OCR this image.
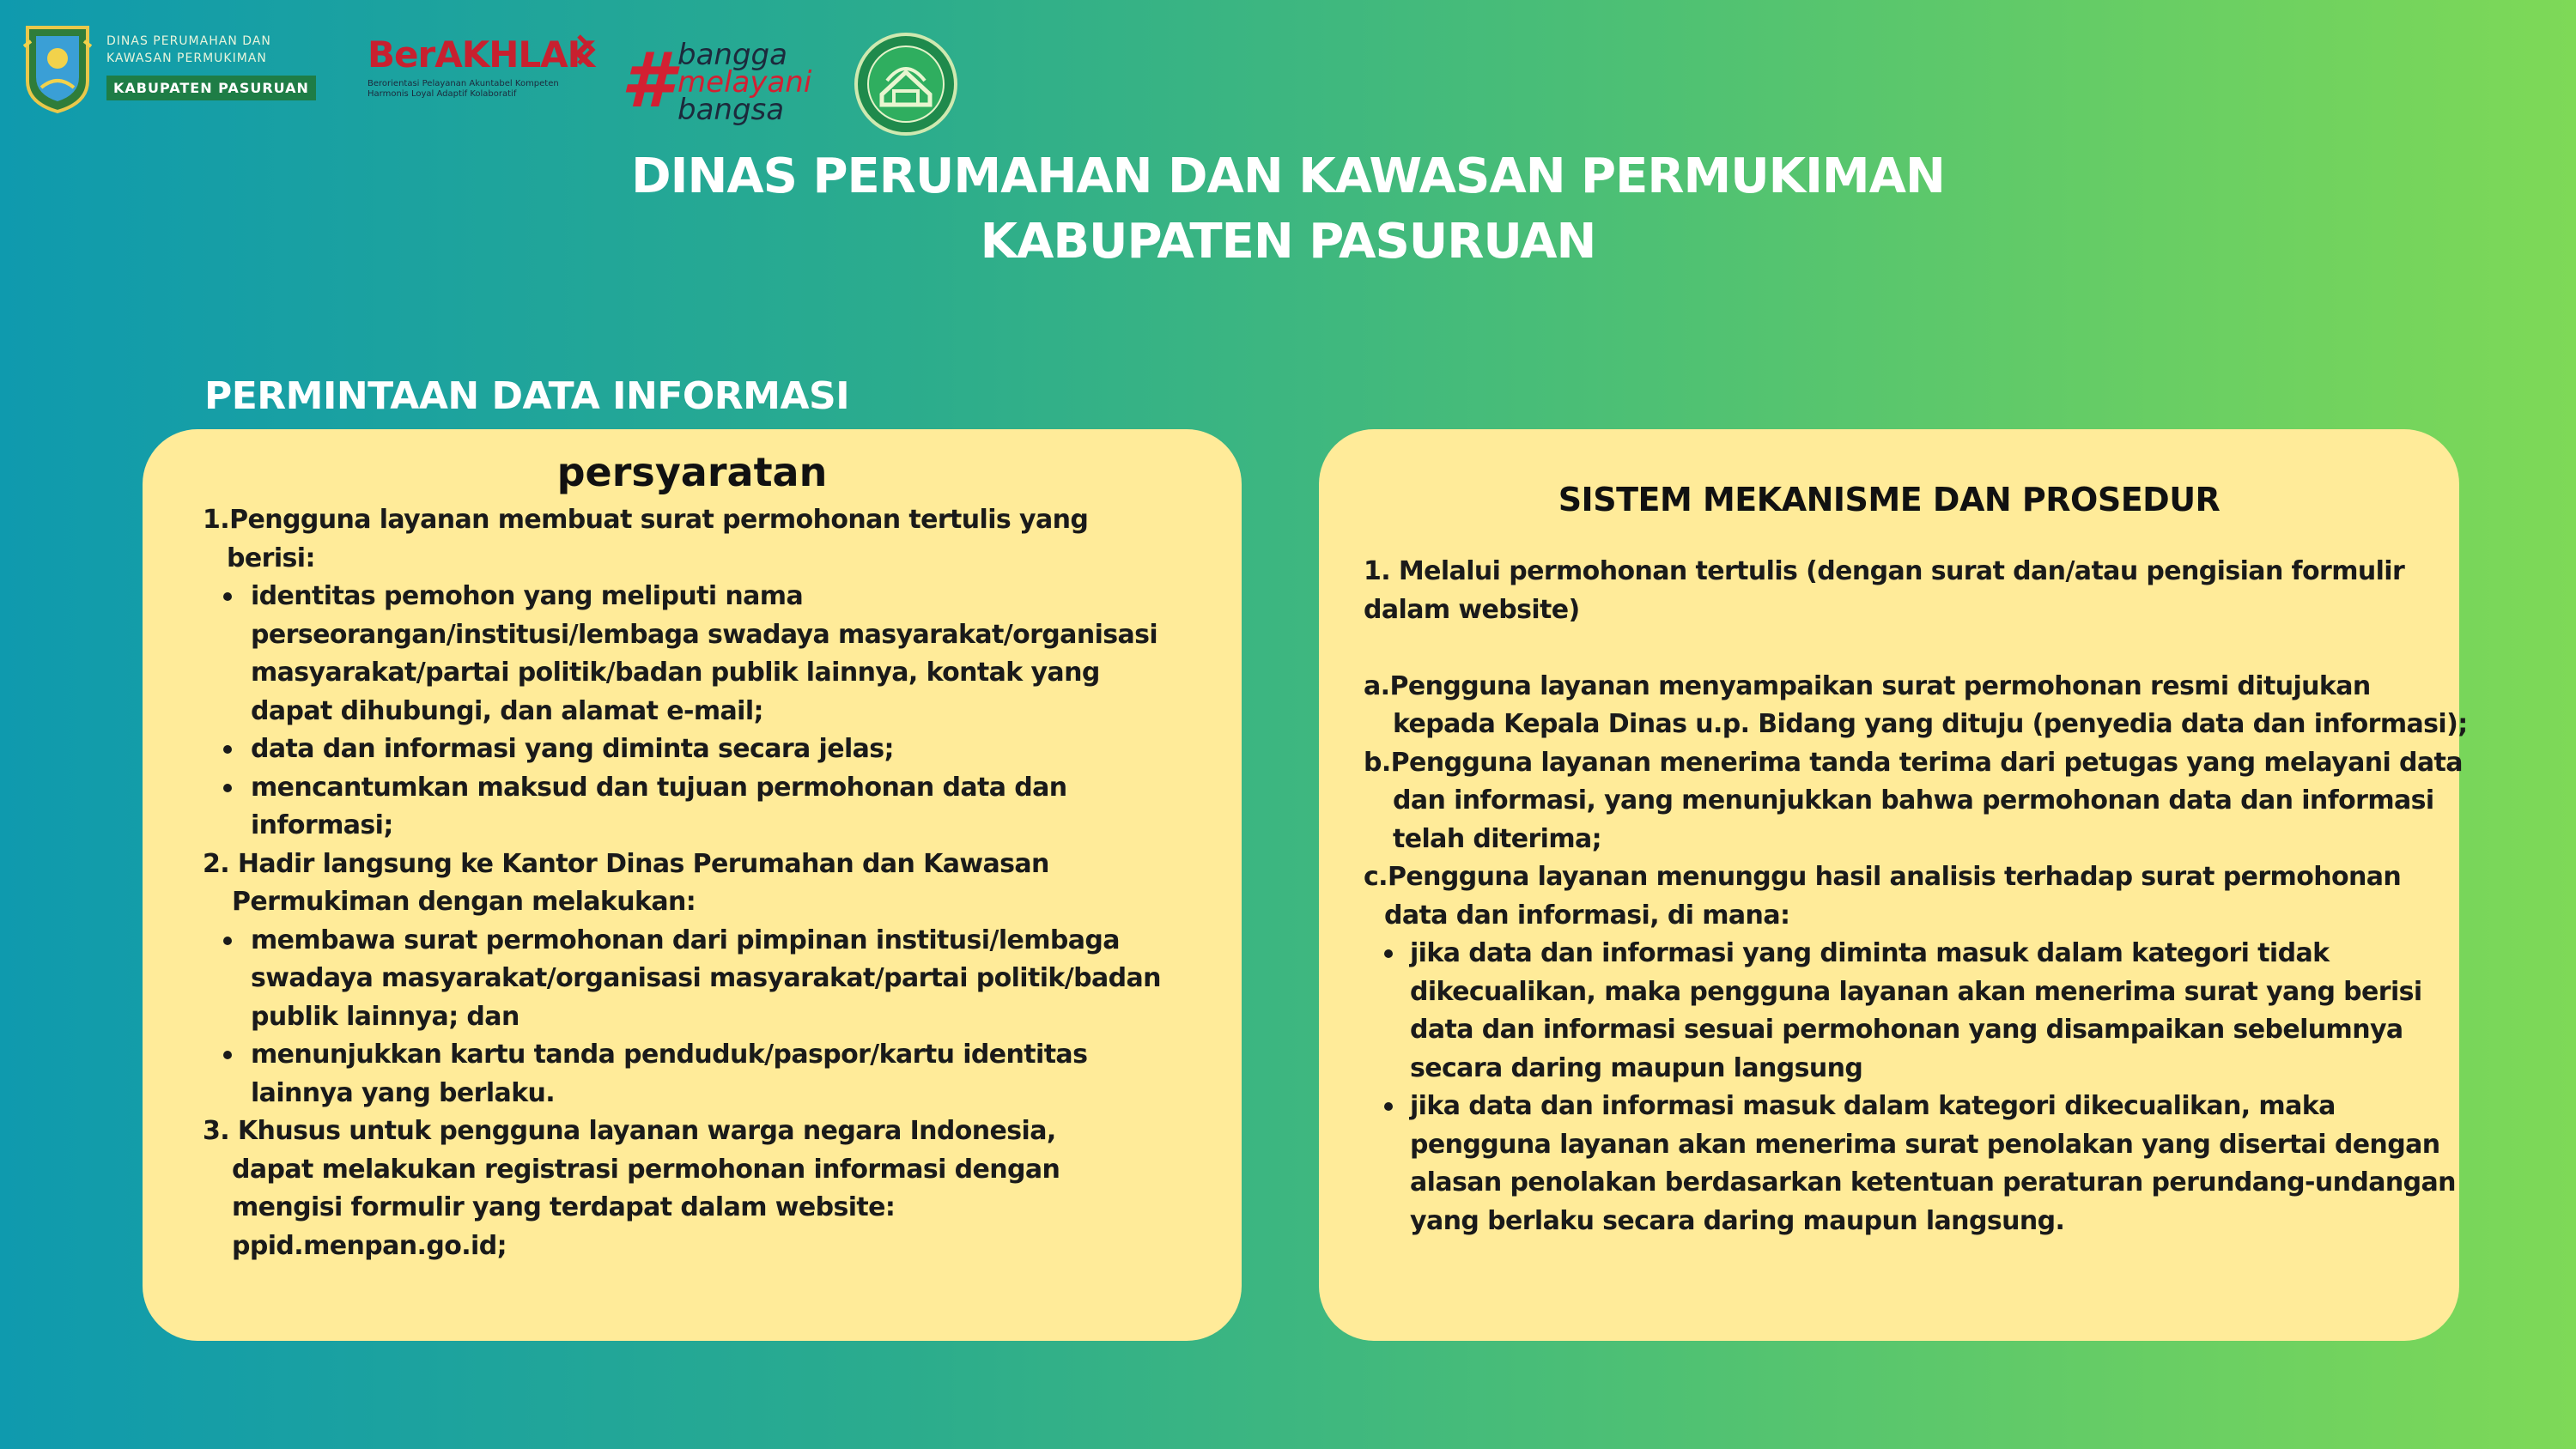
DINAS PERUMAHAN DAN
KAWASAN PERMUKIMAN
KABUPATEN PASURUAN
BerAKHLAK
Berorientasi Pelayanan Akuntabel Kompeten
Harmonis Loyal Adaptif Kolaboratif	# bangga
melayani
bangsa
DINAS PERUMAHAN DAN KAWASAN PERMUKIMAN
KABUPATEN PASURUAN
PERMINTAAN DATA INFORMASI
persyaratan
1.Pengguna layanan membuat surat permohonan tertulis yang
berisi:
identitas pemohon yang meliputi nama
perseorangan/institusi/lembaga swadaya masyarakat/organisasi
masyarakat/partai politik/badan publik lainnya, kontak yang
dapat dihubungi, dan alamat e-mail;
data dan informasi yang diminta secara jelas;
mencantumkan maksud dan tujuan permohonan data dan
informasi;
2. Hadir langsung ke Kantor Dinas Perumahan dan Kawasan
Permukiman dengan melakukan:
membawa surat permohonan dari pimpinan institusi/lembaga
swadaya masyarakat/organisasi masyarakat/partai politik/badan
publik lainnya; dan
menunjukkan kartu tanda penduduk/paspor/kartu identitas
lainnya yang berlaku.
3. Khusus untuk pengguna layanan warga negara Indonesia,
dapat melakukan registrasi permohonan informasi dengan
mengisi formulir yang terdapat dalam website:
ppid.menpan.go.id;
SISTEM MEKANISME DAN PROSEDUR
1. Melalui permohonan tertulis (dengan surat dan/atau pengisian formulir
dalam website)
a.Pengguna layanan menyampaikan surat permohonan resmi ditujukan
kepada Kepala Dinas u.p. Bidang yang dituju (penyedia data dan informasi);
b.Pengguna layanan menerima tanda terima dari petugas yang melayani data
dan informasi, yang menunjukkan bahwa permohonan data dan informasi
telah diterima;
c.Pengguna layanan menunggu hasil analisis terhadap surat permohonan
data dan informasi, di mana:
jika data dan informasi yang diminta masuk dalam kategori tidak
dikecualikan, maka pengguna layanan akan menerima surat yang berisi
data dan informasi sesuai permohonan yang disampaikan sebelumnya
secara daring maupun langsung
jika data dan informasi masuk dalam kategori dikecualikan, maka
pengguna layanan akan menerima surat penolakan yang disertai dengan
alasan penolakan berdasarkan ketentuan peraturan perundang-undangan
yang berlaku secara daring maupun langsung.
